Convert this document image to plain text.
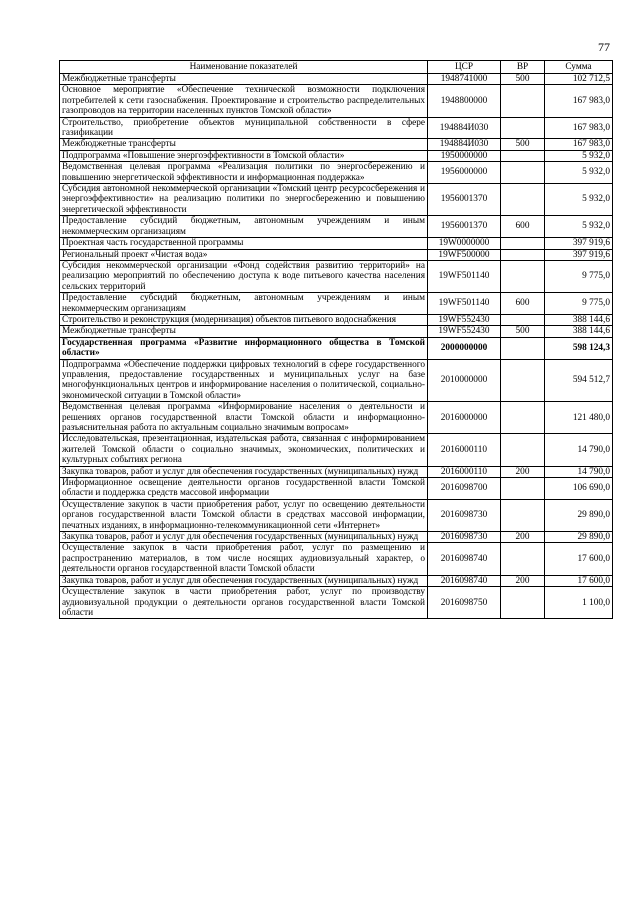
77
Наименование показателей	ЦСР	ВР	Сумма
Межбюджетные трансферты	1948741000	500	102 712,5
Основное мероприятие «Обеспечение технической возможности подключения потребителей к сети газоснабжения. Проектирование и строительство распределительных газопроводов на территории населенных пунктов Томской области»	1948800000		167 983,0
Строительство, приобретение объектов муниципальной собственности в сфере газификации	194884И030		167 983,0
Межбюджетные трансферты	194884И030	500	167 983,0
Подпрограмма «Повышение энергоэффективности в Томской области»	1950000000		5 932,0
Ведомственная целевая программа «Реализация политики по энергосбережению и повышению энергетической эффективности и информационная поддержка»	1956000000		5 932,0
Субсидия автономной некоммерческой организации «Томский центр ресурсосбережения и энергоэффективности» на реализацию политики по энергосбережению и повышению энергетической эффективности	1956001370		5 932,0
Предоставление субсидий бюджетным, автономным учреждениям и иным некоммерческим организациям	1956001370	600	5 932,0
Проектная часть государственной программы	19W0000000		397 919,6
Региональный проект «Чистая вода»	19WF500000		397 919,6
Субсидия некоммерческой организации «Фонд содействия развитию территорий» на реализацию мероприятий по обеспечению доступа к воде питьевого качества населения сельских территорий	19WF501140		9 775,0
Предоставление субсидий бюджетным, автономным учреждениям и иным некоммерческим организациям	19WF501140	600	9 775,0
Строительство и реконструкция (модернизация) объектов питьевого водоснабжения	19WF552430		388 144,6
Межбюджетные трансферты	19WF552430	500	388 144,6
Государственная программа «Развитие информационного общества в Томской области»	2000000000		598 124,3
Подпрограмма «Обеспечение поддержки цифровых технологий в сфере государственного управления, предоставление государственных и муниципальных услуг на базе многофункциональных центров и информирование населения о политической, социально-экономической ситуации в Томской области»	2010000000		594 512,7
Ведомственная целевая программа «Информирование населения о деятельности и решениях органов государственной власти Томской области и информационно-разъяснительная работа по актуальным социально значимым вопросам»	2016000000		121 480,0
Исследовательская, презентационная, издательская работа, связанная с информированием жителей Томской области о социально значимых, экономических, политических и культурных событиях региона	2016000110		14 790,0
Закупка товаров, работ и услуг для обеспечения государственных (муниципальных) нужд	2016000110	200	14 790,0
Информационное освещение деятельности органов государственной власти Томской области и поддержка средств массовой информации	2016098700		106 690,0
Осуществление закупок в части приобретения работ, услуг по освещению деятельности органов государственной власти Томской области в средствах массовой информации, печатных изданиях, в информационно-телекоммуникационной сети «Интернет»	2016098730		29 890,0
Закупка товаров, работ и услуг для обеспечения государственных (муниципальных) нужд	2016098730	200	29 890,0
Осуществление закупок в части приобретения работ, услуг по размещению и распространению материалов, в том числе носящих аудиовизуальный характер, о деятельности органов государственной власти Томской области	2016098740		17 600,0
Закупка товаров, работ и услуг для обеспечения государственных (муниципальных) нужд	2016098740	200	17 600,0
Осуществление закупок в части приобретения работ, услуг по производству аудиовизуальной продукции о деятельности органов государственной власти Томской области	2016098750		1 100,0
